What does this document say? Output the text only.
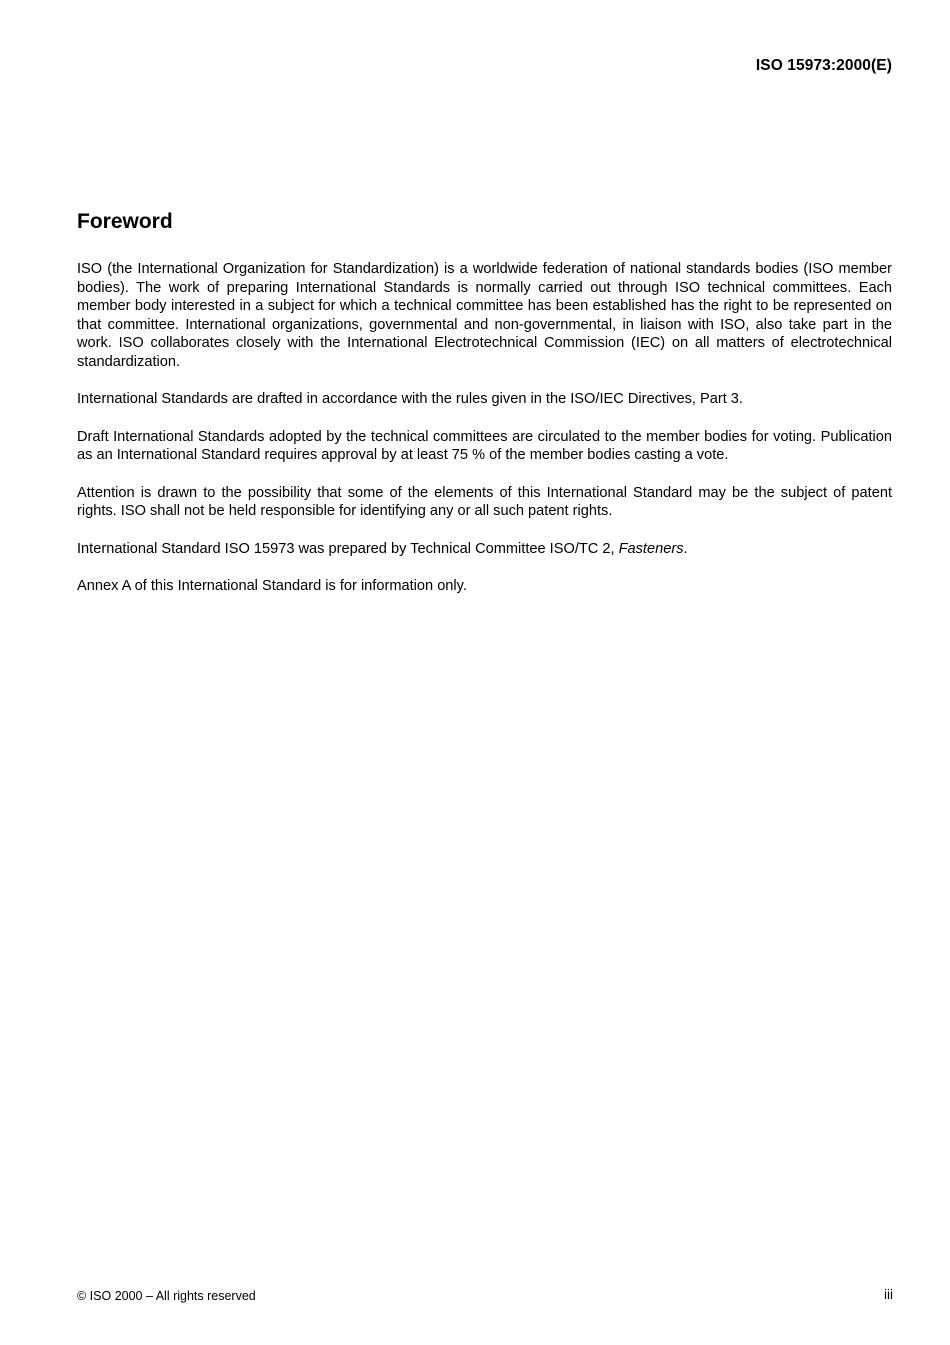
ISO 15973:2000(E)
Foreword

ISO (the International Organization for Standardization) is a worldwide federation of national standards bodies (ISO member bodies). The work of preparing International Standards is normally carried out through ISO technical committees. Each member body interested in a subject for which a technical committee has been established has the right to be represented on that committee. International organizations, governmental and non-governmental, in liaison with ISO, also take part in the work. ISO collaborates closely with the International Electrotechnical Commission (IEC) on all matters of electrotechnical standardization.

International Standards are drafted in accordance with the rules given in the ISO/IEC Directives, Part 3.

Draft International Standards adopted by the technical committees are circulated to the member bodies for voting. Publication as an International Standard requires approval by at least 75 % of the member bodies casting a vote.

Attention is drawn to the possibility that some of the elements of this International Standard may be the subject of patent rights. ISO shall not be held responsible for identifying any or all such patent rights.

International Standard ISO 15973 was prepared by Technical Committee ISO/TC 2, Fasteners.

Annex A of this International Standard is for information only.

© ISO 2000 – All rights reserved	iii
